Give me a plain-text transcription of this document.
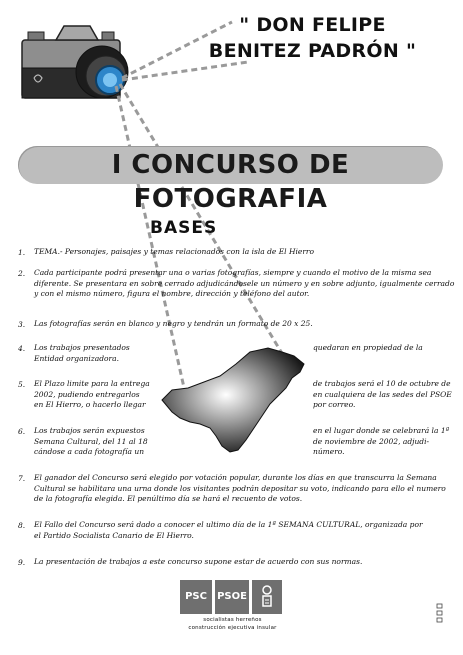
" DON FELIPE
BENITEZ PADRÓN "
I CONCURSO DE FOTOGRAFIA
BASES
1. TEMA.- Personajes, paisajes y temas relacionados con la isla de El Hierro
2. Cada participante podrá presentar una o varias fotografías, siempre y cuando el motivo de la misma sea
diferente. Se presentara en sobre cerrado adjudicándosele un número y en sobre adjunto, igualmente cerrado
y con el mismo número, figura el nombre, dirección y teléfono del autor.
3. Las fotografías serán en blanco y negro y tendrán un formato de 20 x 25.
4. Los trabajos presentados
Entidad organizadora.
quedaran en propiedad de la
5. El Plazo limite para la entrega
2002, pudiendo entregarlos
en El Hierro, o hacerlo llegar
de trabajos será el 10 de octubre de
en cualquiera de las sedes del PSOE
por correo.
6. Los trabajos serán expuestos
Semana Cultural, del 11 al 18
cándose a cada fotografía un
en el lugar donde se celebrará la 1ª
de noviembre de 2002, adjudi-
número.
7. El ganador del Concurso será elegido por votación popular, durante los días en que transcurra la Semana
Cultural se habilitara una urna donde los visitantes podrán depositar su voto, indicando para ello el numero
de la fotografía elegida. El penúltimo día se hará el recuento de votos.
8. El Fallo del Concurso será dado a conocer el ultimo día de la 1ª SEMANA CULTURAL, organizada por
el Partido Socialista Canario de El Hierro.
9. La presentación de trabajos a este concurso supone estar de acuerdo con sus normas.
PSC	PSOE
socialistas herreños
construcción ejecutiva insular
